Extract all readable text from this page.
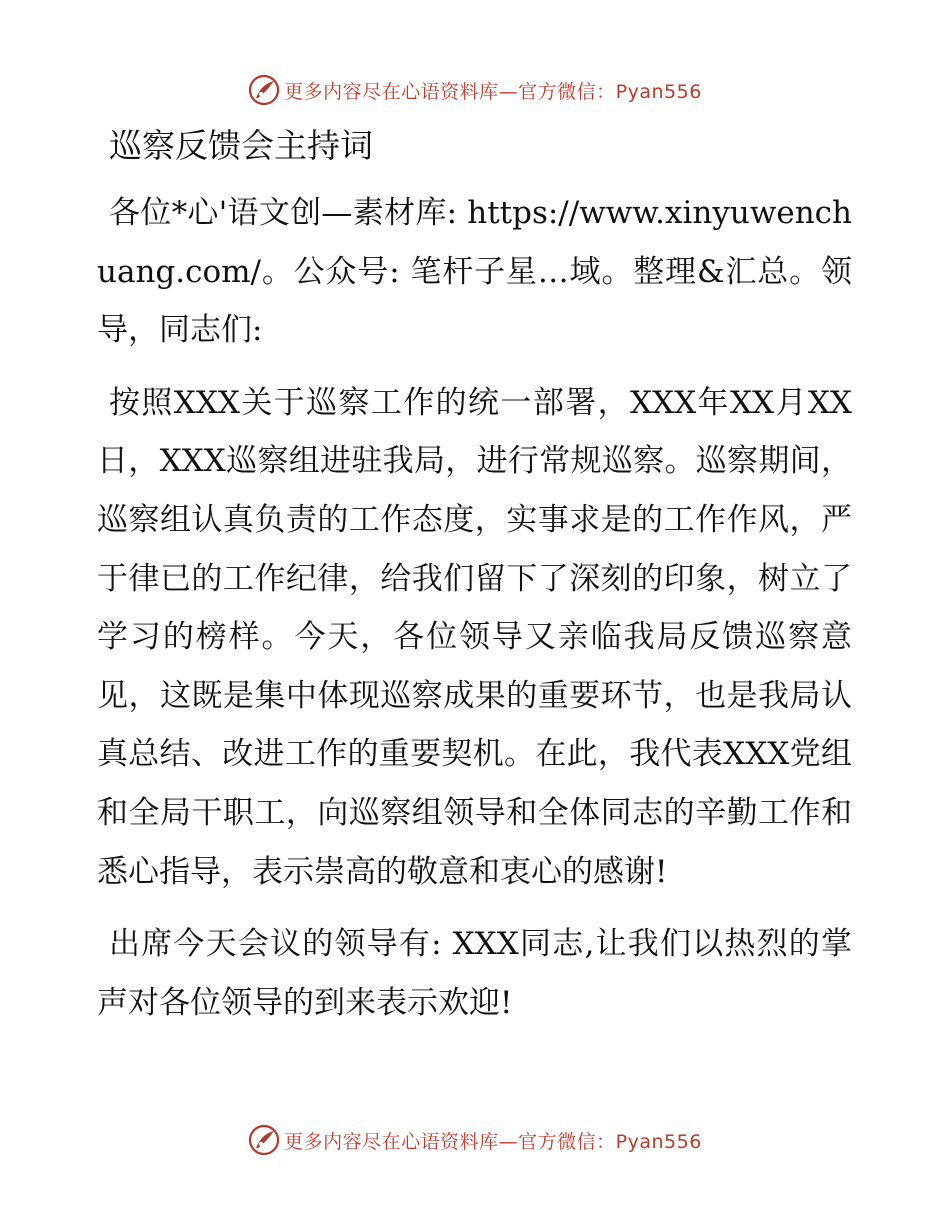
更多内容尽在心语资料库—官方微信：Pyan556
巡察反馈会主持词

各位*心'语文创—素材库: https://www.xinyuwenchuang.com/。公众号: 笔杆子星…域。整理&汇总。领导，同志们:

按照XXX关于巡察工作的统一部署，XXX年XX月XX日，XXX巡察组进驻我局，进行常规巡察。巡察期间，巡察组认真负责的工作态度，实事求是的工作作风，严于律已的工作纪律，给我们留下了深刻的印象，树立了学习的榜样。今天，各位领导又亲临我局反馈巡察意见，这既是集中体现巡察成果的重要环节，也是我局认真总结、改进工作的重要契机。在此，我代表XXX党组和全局干职工，向巡察组领导和全体同志的辛勤工作和悉心指导，表示崇高的敬意和衷心的感谢!

出席今天会议的领导有: XXX同志,让我们以热烈的掌声对各位领导的到来表示欢迎!

更多内容尽在心语资料库—官方微信：Pyan556
